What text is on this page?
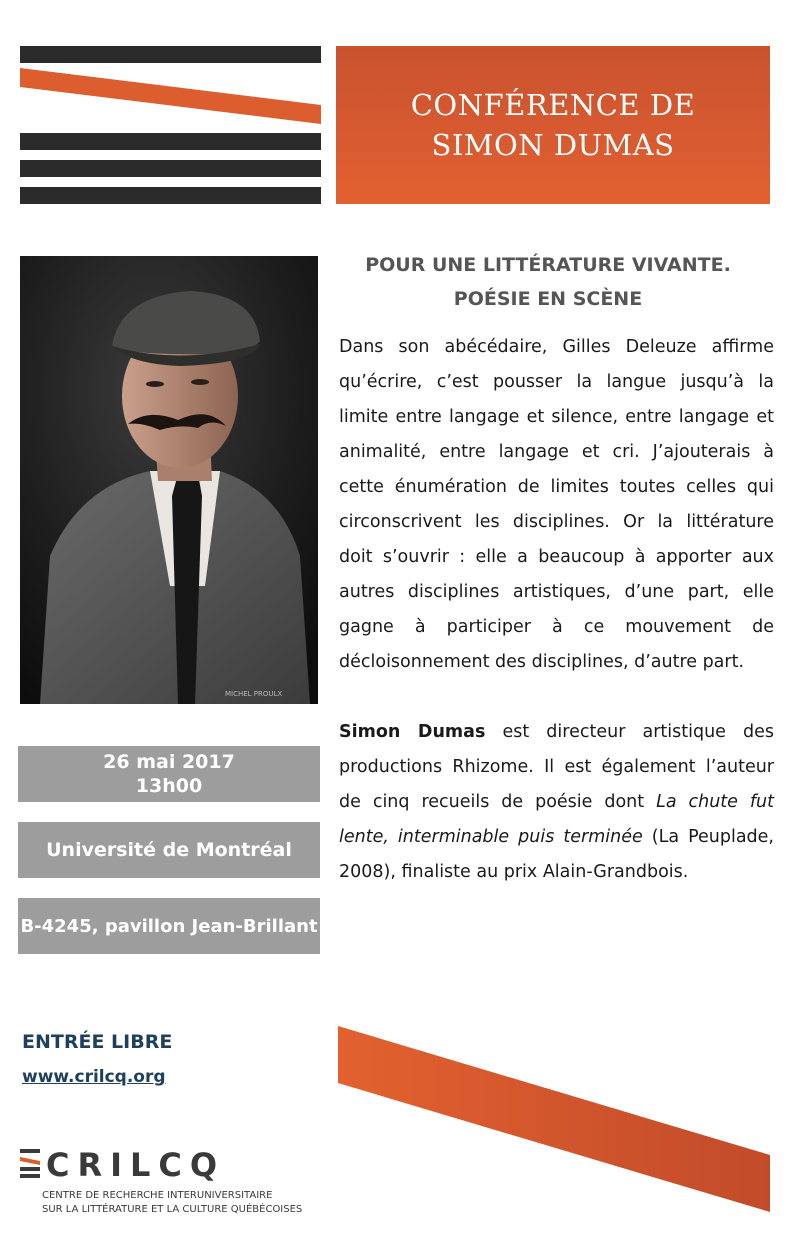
CONFÉRENCE DE
SIMON DUMAS
MICHEL PROULX
26 mai 2017
13h00
Université de Montréal
B-4245, pavillon Jean-Brillant
ENTRÉE LIBRE
www.crilcq.org
CRILCQ
CENTRE DE RECHERCHE INTERUNIVERSITAIRE
SUR LA LITTÉRATURE ET LA CULTURE QUÉBÉCOISES
POUR UNE LITTÉRATURE VIVANTE.
POÉSIE EN SCÈNE

Dans son abécédaire, Gilles Deleuze affirme qu’écrire, c’est pousser la langue jusqu’à la limite entre langage et silence, entre langage et animalité, entre langage et cri. J’ajouterais à cette énumération de limites toutes celles qui circonscrivent les disciplines. Or la littérature doit s’ouvrir : elle a beaucoup à apporter aux autres disciplines artistiques, d’une part, elle gagne à participer à ce mouvement de décloisonnement des disciplines, d’autre part.

Simon Dumas est directeur artistique des productions Rhizome. Il est également l’auteur de cinq recueils de poésie dont La chute fut lente, interminable puis terminée (La Peuplade, 2008), finaliste au prix Alain-Grandbois.
